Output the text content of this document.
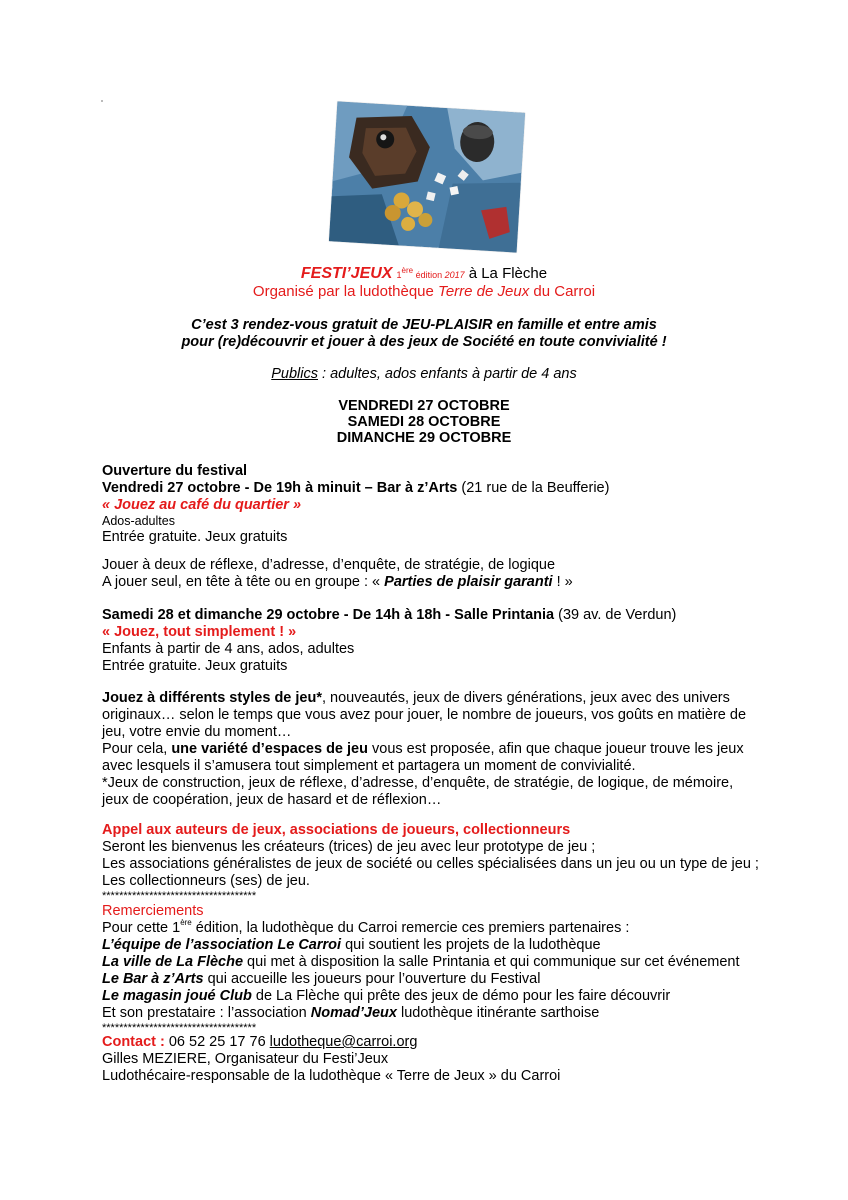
FESTI’JEUX 1ère édition 2017 à La Flèche
Organisé par la ludothèque Terre de Jeux du Carroi
C’est 3 rendez-vous gratuit de JEU-PLAISIR en famille et entre amis
pour (re)découvrir et jouer à des jeux de Société en toute convivialité !
Publics : adultes, ados enfants à partir de 4 ans
VENDREDI 27 OCTOBRE
SAMEDI 28 OCTOBRE
DIMANCHE 29 OCTOBRE
Ouverture du festival
Vendredi 27 octobre - De 19h à minuit – Bar à z’Arts (21 rue de la Beufferie)
« Jouez au café du quartier »
Ados-adultes
Entrée gratuite. Jeux gratuits
Jouer à deux de réflexe, d’adresse, d’enquête, de stratégie, de logique
A jouer seul, en tête à tête ou en groupe : « Parties de plaisir garanti ! »
Samedi 28 et dimanche 29 octobre - De 14h à 18h - Salle Printania (39 av. de Verdun)
« Jouez, tout simplement ! »
Enfants à partir de 4 ans, ados, adultes
Entrée gratuite. Jeux gratuits
Jouez à différents styles de jeu*, nouveautés, jeux de divers générations, jeux avec des univers
originaux… selon le temps que vous avez pour jouer, le nombre de joueurs, vos goûts en matière de
jeu, votre envie du moment…
Pour cela, une variété d’espaces de jeu vous est proposée, afin que chaque joueur trouve les jeux
avec lesquels il s’amusera tout simplement et partagera un moment de convivialité.
*Jeux de construction, jeux de réflexe, d’adresse, d’enquête, de stratégie, de logique, de mémoire,
jeux de coopération, jeux de hasard et de réflexion…
Appel aux auteurs de jeux, associations de joueurs, collectionneurs
Seront les bienvenus les créateurs (trices) de jeu avec leur prototype de jeu ;
Les associations généralistes de jeux de société ou celles spécialisées dans un jeu ou un type de jeu ;
Les collectionneurs (ses) de jeu.
************************************
Remerciements
Pour cette 1ère édition, la ludothèque du Carroi remercie ces premiers partenaires :
L’équipe de l’association Le Carroi qui soutient les projets de la ludothèque
La ville de La Flèche qui met à disposition la salle Printania et qui communique sur cet événement
Le Bar à z’Arts qui accueille les joueurs pour l’ouverture du Festival
Le magasin joué Club de La Flèche qui prête des jeux de démo pour les faire découvrir
Et son prestataire : l’association Nomad’Jeux ludothèque itinérante sarthoise
************************************
Contact : 06 52 25 17 76 ludotheque@carroi.org
Gilles MEZIERE, Organisateur du Festi’Jeux
Ludothécaire-responsable de la ludothèque « Terre de Jeux » du Carroi
